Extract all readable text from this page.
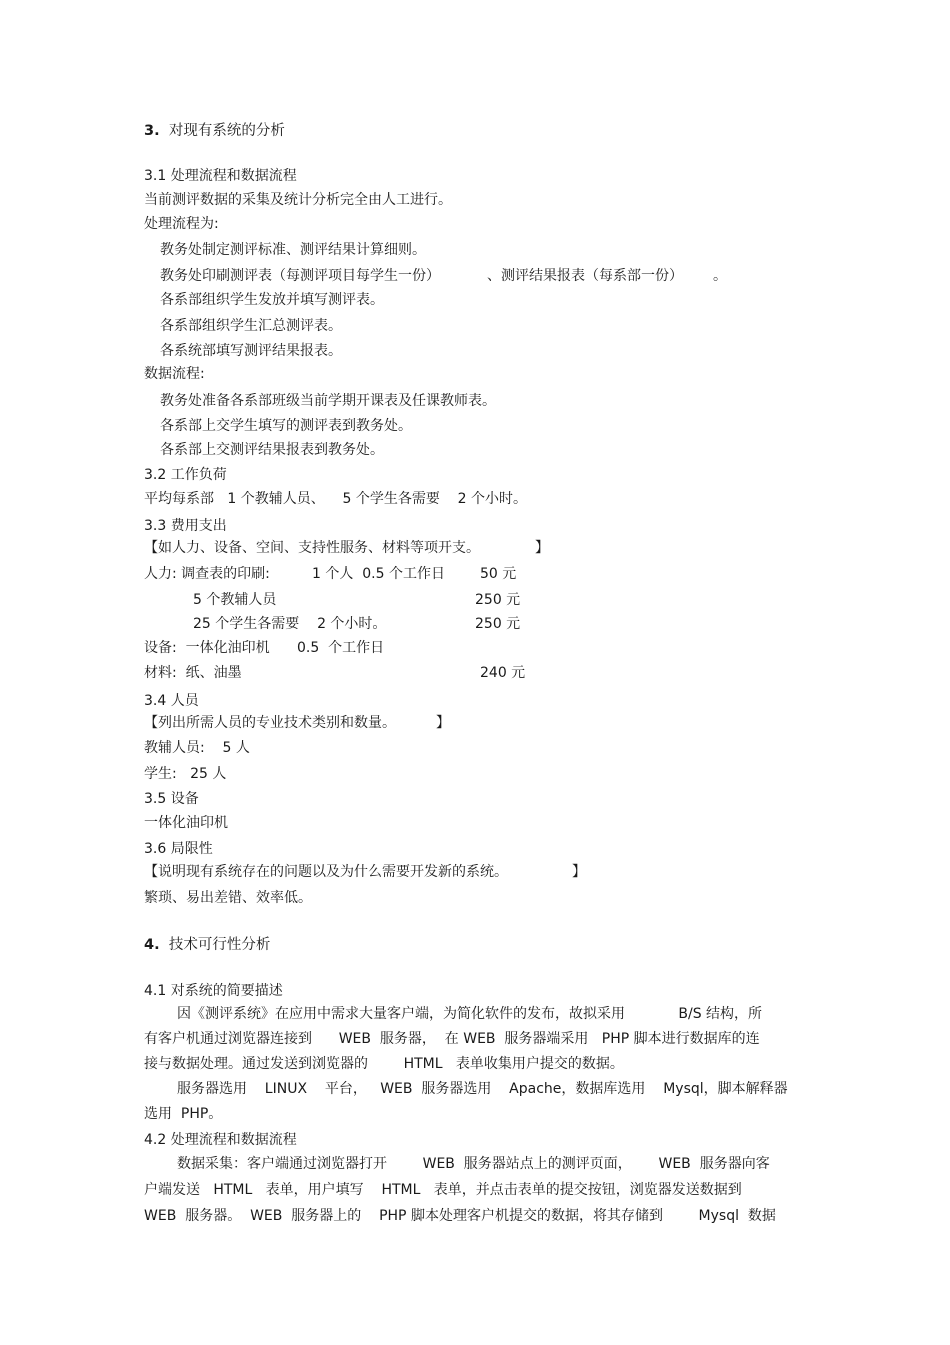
3. 对现有系统的分析
3.1 处理流程和数据流程
当前测评数据的采集及统计分析完全由人工进行。
处理流程为:
教务处制定测评标准、测评结果计算细则。
教务处印刷测评表（每测评项目每学生一份）	、测评结果报表（每系部一份） 。
各系部组织学生发放并填写测评表。
各系部组织学生汇总测评表。
各系统部填写测评结果报表。
数据流程:
教务处准备各系部班级当前学期开课表及任课教师表。
各系部上交学生填写的测评表到教务处。
各系部上交测评结果报表到教务处。
3.2 工作负荷
平均每系部   1 个教辅人员、    5 个学生各需要    2 个小时。
3.3 费用支出
【如人力、设备、空间、支持性服务、材料等项开支。	】
人力: 调查表的印刷:	1 个人  0.5 个工作日	50 元
5 个教辅人员	250 元
25 个学生各需要    2 个小时。	250 元
设备:  一体化油印机 0.5  个工作日
材料:  纸、油墨	240 元
3.4 人员
【列出所需人员的专业技术类别和数量。	】
教辅人员:    5 人
学生:   25 人
3.5 设备
一体化油印机
3.6 局限性
【说明现有系统存在的问题以及为什么需要开发新的系统。	】
繁琐、易出差错、效率低。
4. 技术可行性分析
4.1 对系统的简要描述
因《测评系统》在应用中需求大量客户端，为简化软件的发布，故拟采用            B/S 结构，所
有客户机通过浏览器连接到      WEB  服务器，  在 WEB  服务器端采用   PHP 脚本进行数据库的连
接与数据处理。通过发送到浏览器的        HTML   表单收集用户提交的数据。
服务器选用    LINUX    平台，   WEB  服务器选用    Apache，数据库选用    Mysql，脚本解释器
选用  PHP。
4.2 处理流程和数据流程
数据采集：客户端通过浏览器打开        WEB  服务器站点上的测评页面，      WEB  服务器向客
户端发送   HTML   表单，用户填写    HTML   表单，并点击表单的提交按钮，浏览器发送数据到
WEB  服务器。  WEB  服务器上的    PHP 脚本处理客户机提交的数据，将其存储到        Mysql  数据
